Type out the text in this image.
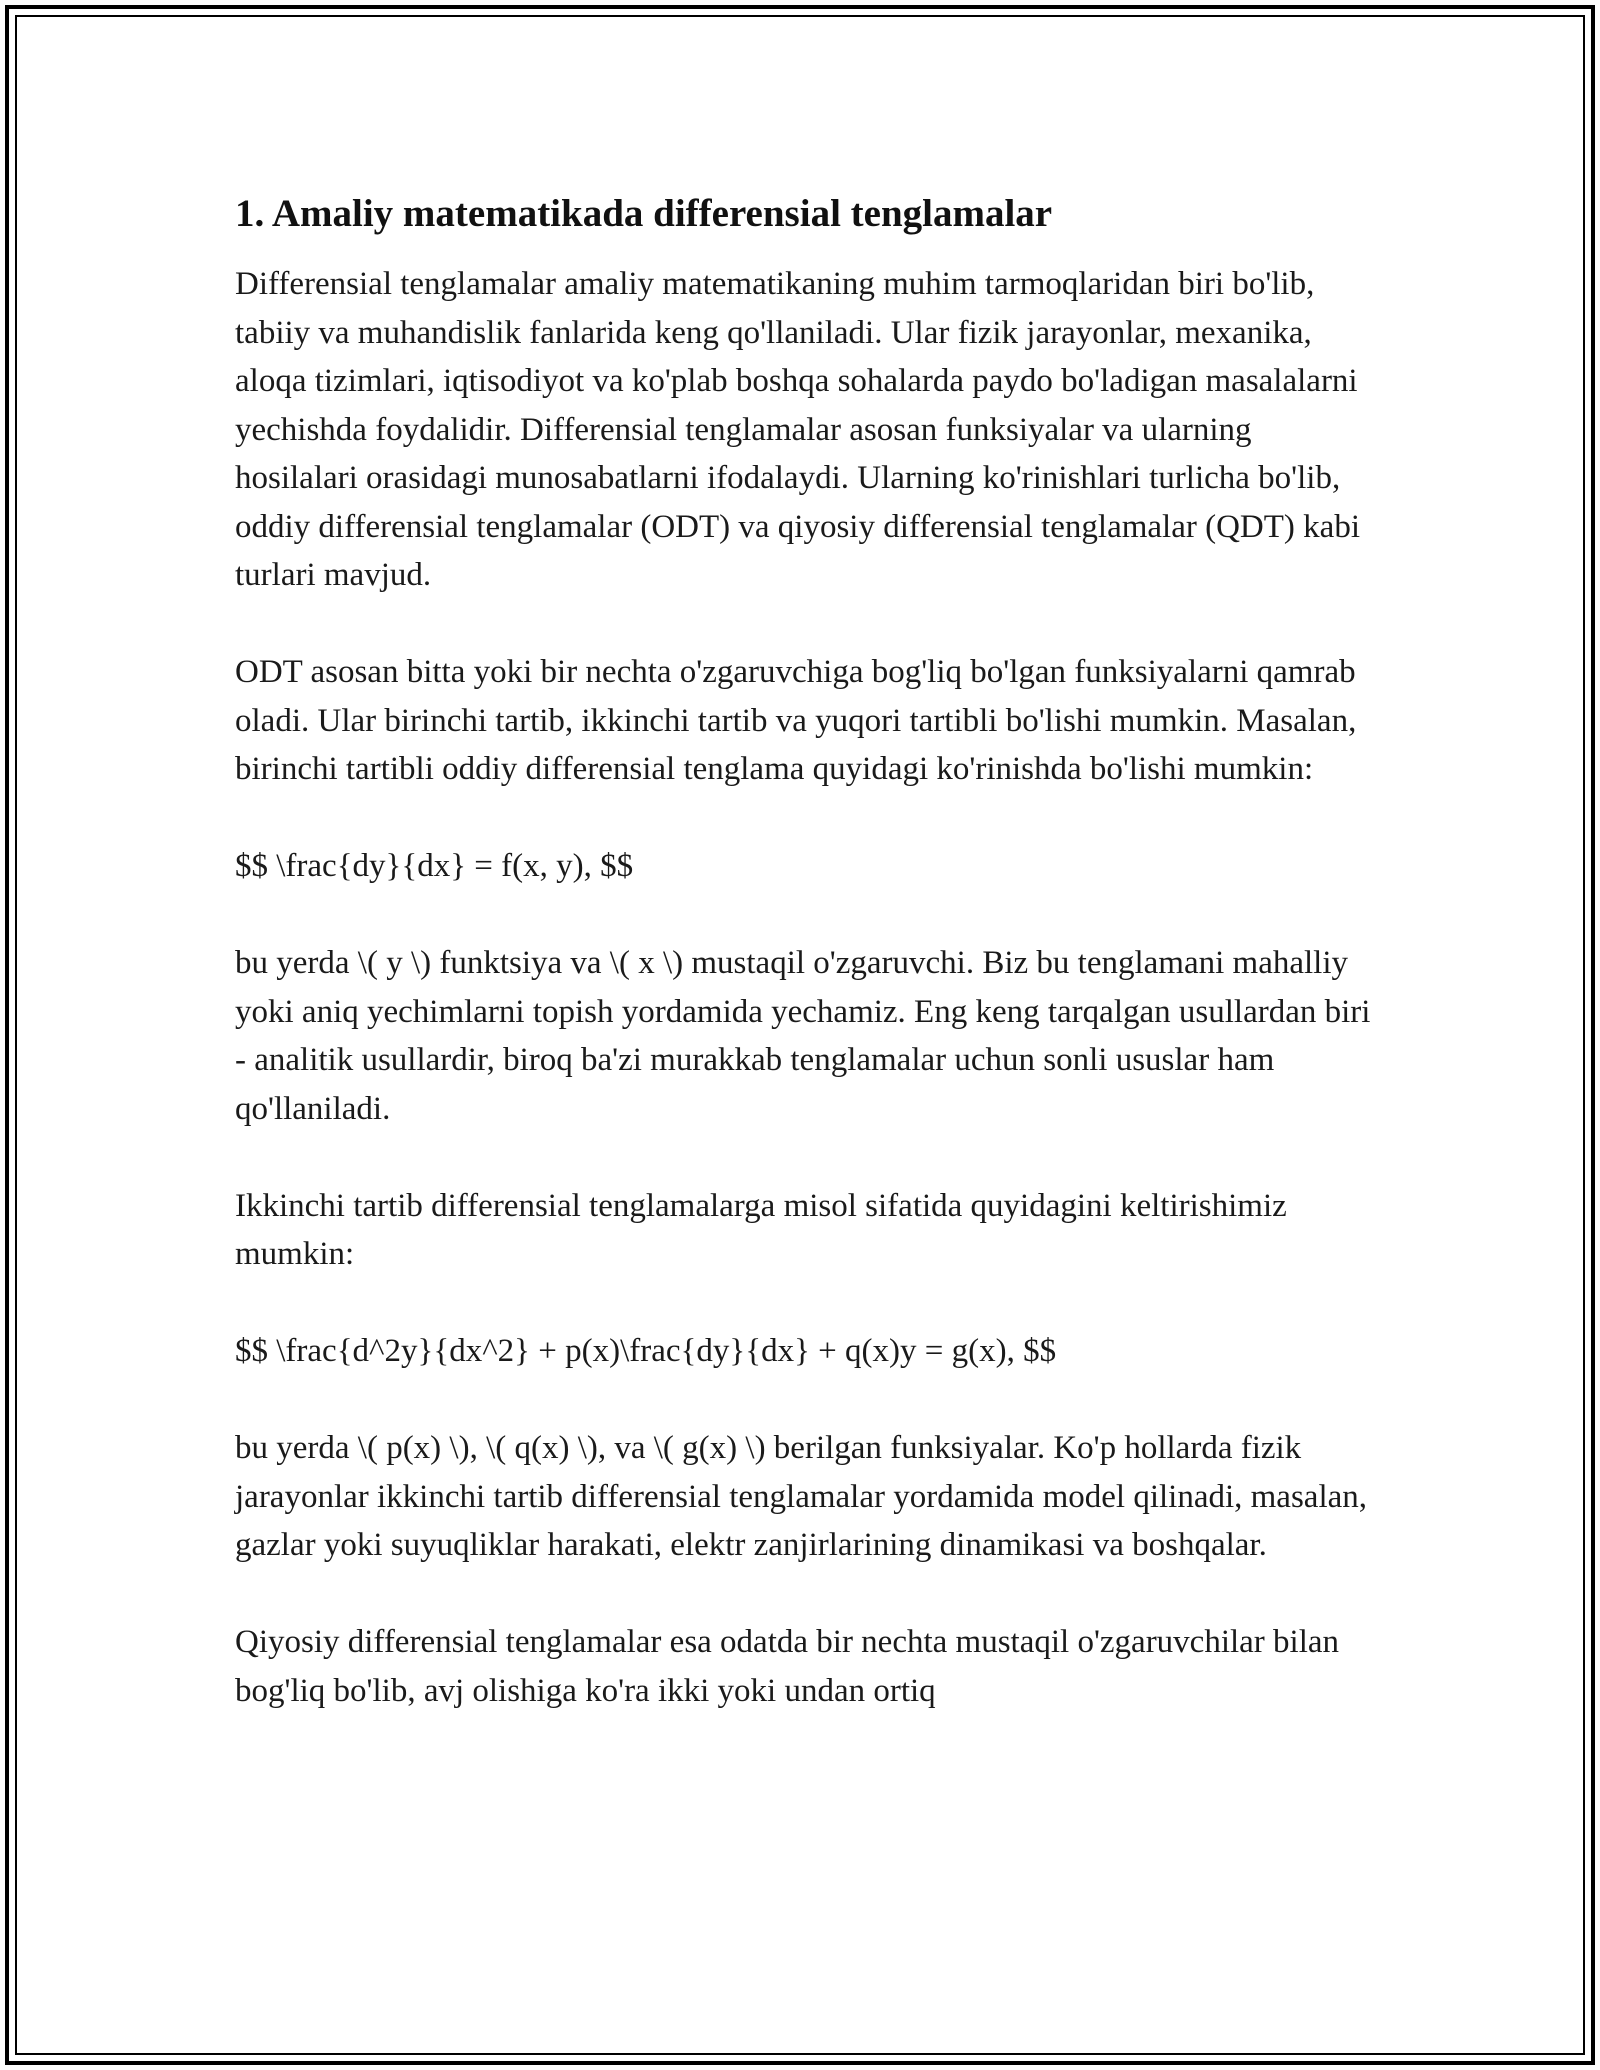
1. Amaliy matematikada differensial tenglamalar

Differensial tenglamalar amaliy matematikaning muhim tarmoqlaridan biri bo'lib, tabiiy va muhandislik fanlarida keng qo'llaniladi. Ular fizik jarayonlar, mexanika, aloqa tizimlari, iqtisodiyot va ko'plab boshqa sohalarda paydo bo'ladigan masalalarni yechishda foydalidir. Differensial tenglamalar asosan funksiyalar va ularning hosilalari orasidagi munosabatlarni ifodalaydi. Ularning ko'rinishlari turlicha bo'lib, oddiy differensial tenglamalar (ODT) va qiyosiy differensial tenglamalar (QDT) kabi turlari mavjud.

ODT asosan bitta yoki bir nechta o'zgaruvchiga bog'liq bo'lgan funksiyalarni qamrab oladi. Ular birinchi tartib, ikkinchi tartib va yuqori tartibli bo'lishi mumkin. Masalan, birinchi tartibli oddiy differensial tenglama quyidagi ko'rinishda bo'lishi mumkin:

$$ \frac{dy}{dx} = f(x, y), $$

bu yerda \( y \) funktsiya va \( x \) mustaqil o'zgaruvchi. Biz bu tenglamani mahalliy yoki aniq yechimlarni topish yordamida yechamiz. Eng keng tarqalgan usullardan biri - analitik usullardir, biroq ba'zi murakkab tenglamalar uchun sonli ususlar ham qo'llaniladi.

Ikkinchi tartib differensial tenglamalarga misol sifatida quyidagini keltirishimiz mumkin:

$$ \frac{d^2y}{dx^2} + p(x)\frac{dy}{dx} + q(x)y = g(x), $$

bu yerda \( p(x) \), \( q(x) \), va \( g(x) \) berilgan funksiyalar. Ko'p hollarda fizik jarayonlar ikkinchi tartib differensial tenglamalar yordamida model qilinadi, masalan, gazlar yoki suyuqliklar harakati, elektr zanjirlarining dinamikasi va boshqalar.

Qiyosiy differensial tenglamalar esa odatda bir nechta mustaqil o'zgaruvchilar bilan bog'liq bo'lib, avj olishiga ko'ra ikki yoki undan ortiq
